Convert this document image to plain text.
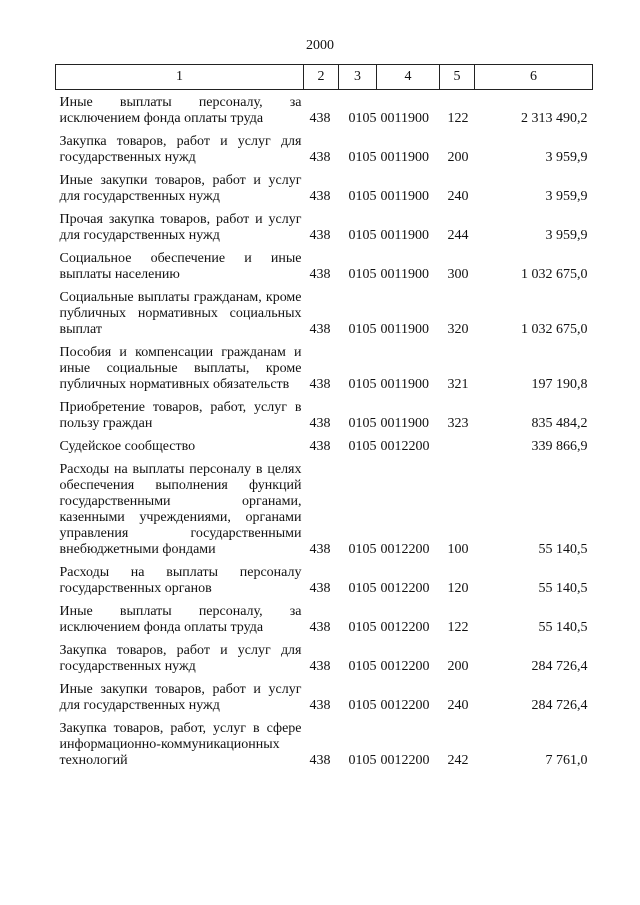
2000
1	2	3	4	5	6
Иные выплаты персоналу, за исключением фонда оплаты труда	438	0105	0011900	122	2 313 490,2
Закупка товаров, работ и услуг для государственных нужд	438	0105	0011900	200	3 959,9
Иные закупки товаров, работ и услуг для государственных нужд	438	0105	0011900	240	3 959,9
Прочая закупка товаров, работ и услуг для государственных нужд	438	0105	0011900	244	3 959,9
Социальное обеспечение и иные выплаты населению	438	0105	0011900	300	1 032 675,0
Социальные выплаты гражданам, кроме публичных нормативных социальных выплат	438	0105	0011900	320	1 032 675,0
Пособия и компенсации гражданам и иные социальные выплаты, кроме публичных нормативных обязательств	438	0105	0011900	321	197 190,8
Приобретение товаров, работ, услуг в пользу граждан	438	0105	0011900	323	835 484,2
Судейское сообщество	438	0105	0012200		339 866,9
Расходы на выплаты персоналу в целях обеспечения выполнения функций государственными органами, казенными учреждениями, органами управления государственными внебюджетными фондами	438	0105	0012200	100	55 140,5
Расходы на выплаты персоналу государственных органов	438	0105	0012200	120	55 140,5
Иные выплаты персоналу, за исключением фонда оплаты труда	438	0105	0012200	122	55 140,5
Закупка товаров, работ и услуг для государственных нужд	438	0105	0012200	200	284 726,4
Иные закупки товаров, работ и услуг для государственных нужд	438	0105	0012200	240	284 726,4
Закупка товаров, работ, услуг в сфере информационно-коммуникационных технологий	438	0105	0012200	242	7 761,0
